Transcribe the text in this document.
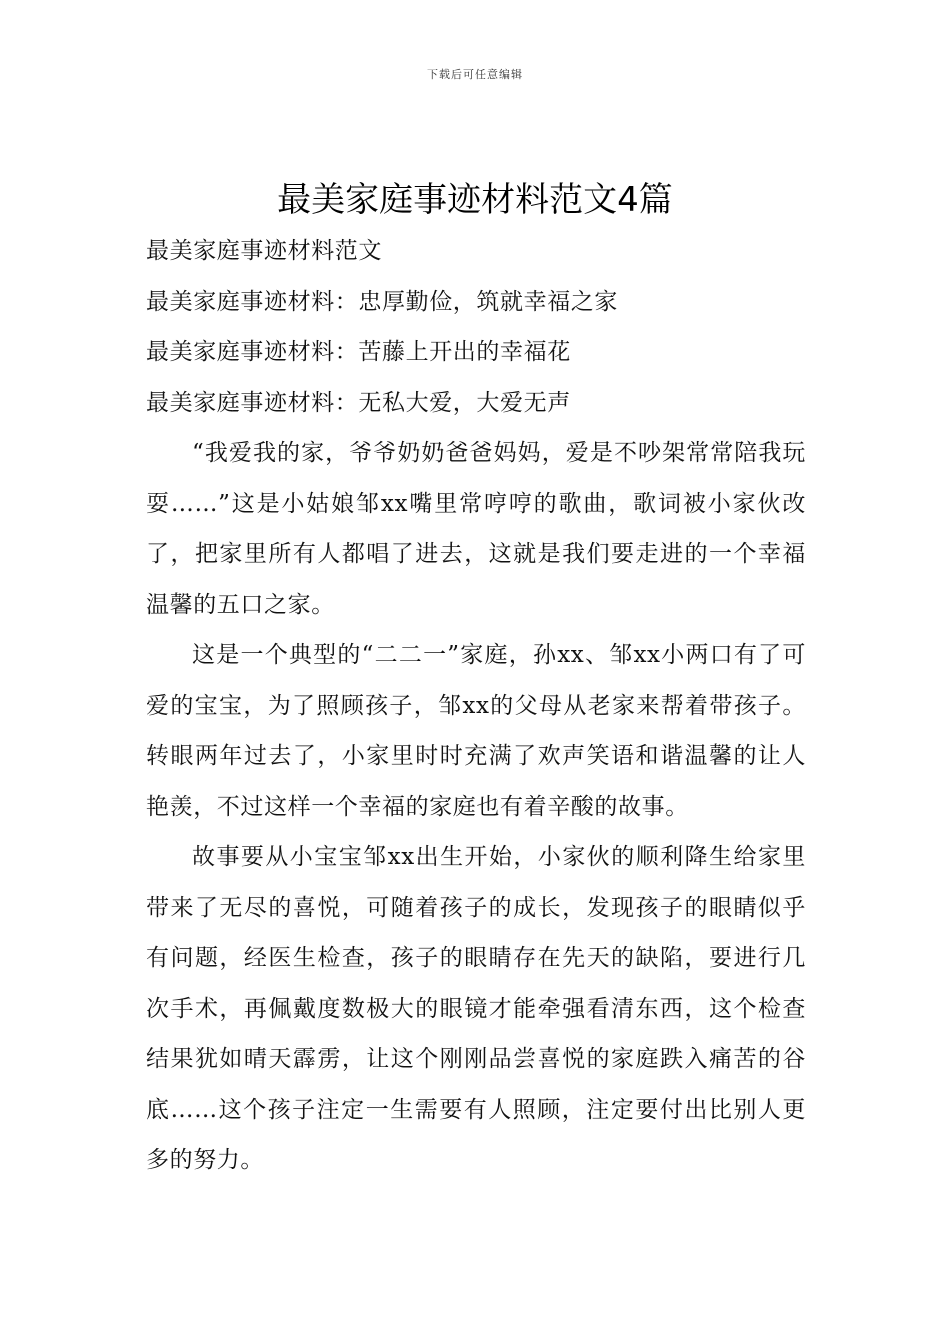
下载后可任意编辑
最美家庭事迹材料范文4篇

最美家庭事迹材料范文

最美家庭事迹材料：忠厚勤俭，筑就幸福之家

最美家庭事迹材料：苦藤上开出的幸福花

最美家庭事迹材料：无私大爱，大爱无声

“我爱我的家，爷爷奶奶爸爸妈妈，爱是不吵架常常陪我玩耍……”这是小姑娘邹xx嘴里常哼哼的歌曲，歌词被小家伙改了，把家里所有人都唱了进去，这就是我们要走进的一个幸福温馨的五口之家。

这是一个典型的“二二一”家庭，孙xx、邹xx小两口有了可爱的宝宝，为了照顾孩子，邹xx的父母从老家来帮着带孩子。转眼两年过去了，小家里时时充满了欢声笑语和谐温馨的让人艳羡，不过这样一个幸福的家庭也有着辛酸的故事。

故事要从小宝宝邹xx出生开始，小家伙的顺利降生给家里带来了无尽的喜悦，可随着孩子的成长，发现孩子的眼睛似乎有问题，经医生检查，孩子的眼睛存在先天的缺陷，要进行几次手术，再佩戴度数极大的眼镜才能牵强看清东西，这个检查结果犹如晴天霹雳，让这个刚刚品尝喜悦的家庭跌入痛苦的谷底……这个孩子注定一生需要有人照顾，注定要付出比别人更多的努力。
